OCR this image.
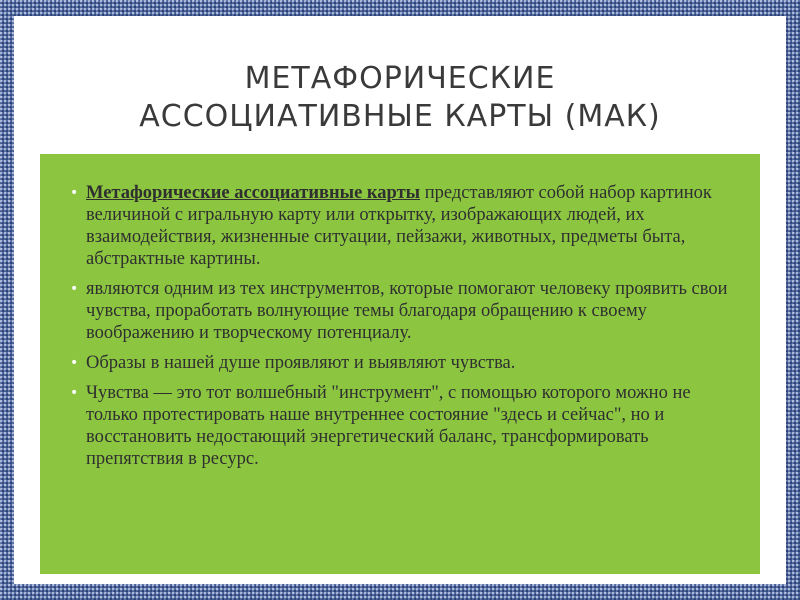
МЕТАФОРИЧЕСКИЕ
АССОЦИАТИВНЫЕ КАРТЫ (МАК)
• Метафорические ассоциативные карты представляют собой набор картинок величиной с игральную карту или открытку, изображающих людей, их взаимодействия, жизненные ситуации, пейзажи, животных, предметы быта, абстрактные картины.
• являются одним из тех инструментов, которые помогают человеку проявить свои чувства, проработать волнующие темы благодаря обращению к своему воображению и творческому потенциалу.
• Образы в нашей душе проявляют и выявляют чувства.
• Чувства — это тот волшебный "инструмент", с помощью которого можно не только протестировать наше внутреннее состояние "здесь и сейчас", но и восстановить недостающий энергетический баланс, трансформировать препятствия в ресурс.
